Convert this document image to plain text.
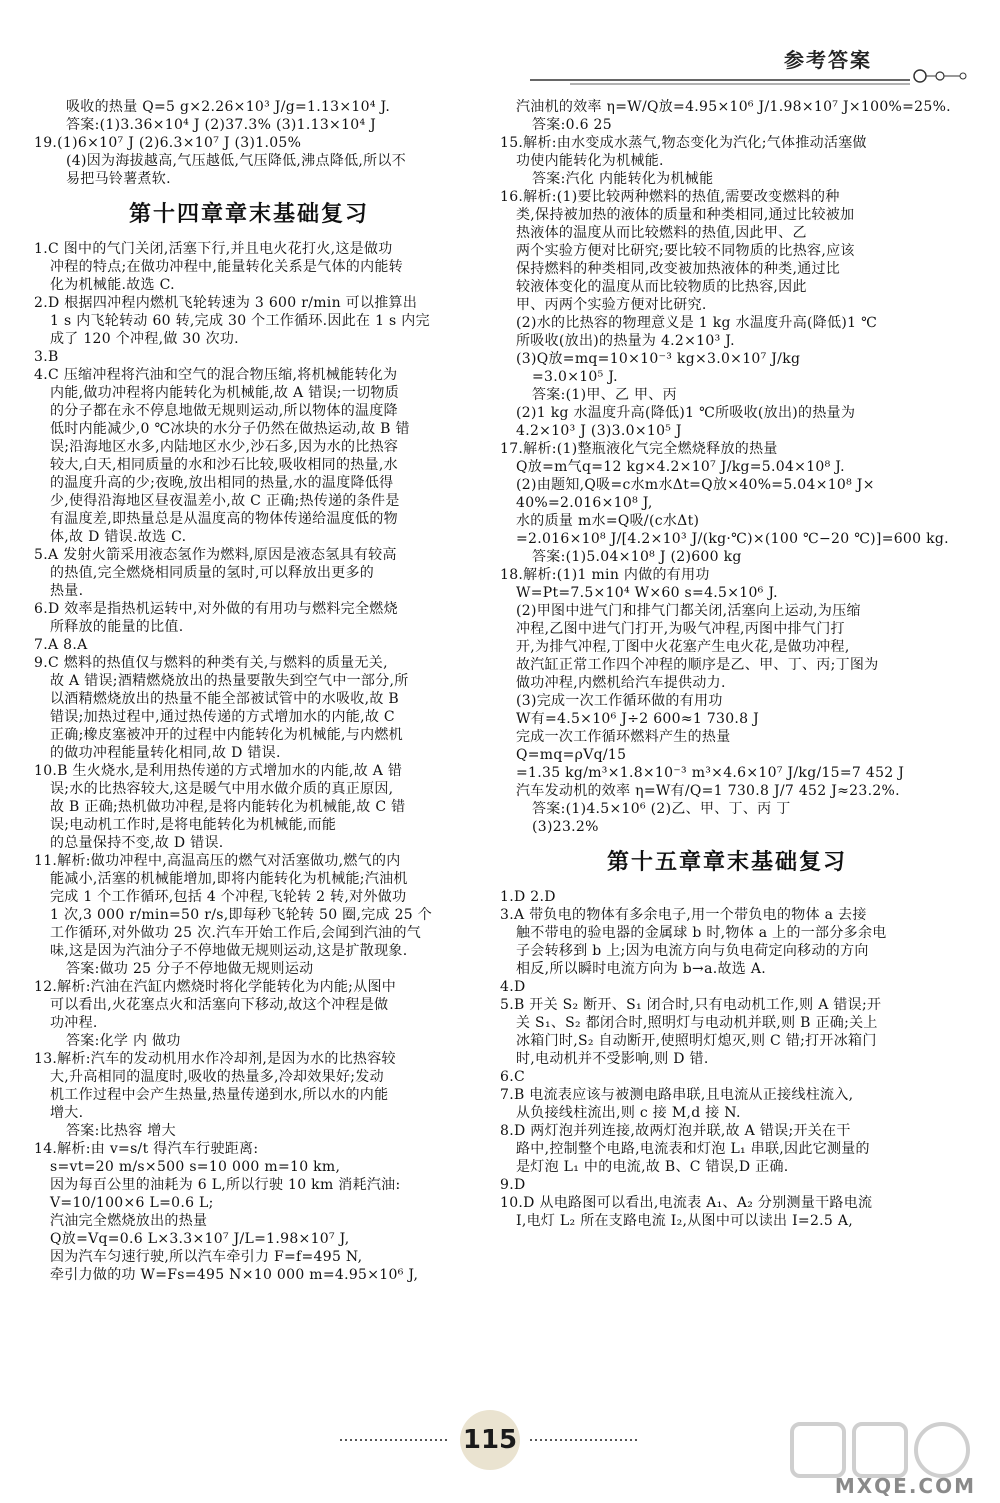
参考答案
吸收的热量 Q=5 g×2.26×10³ J/g=1.13×10⁴ J.
答案:(1)3.36×10⁴ J (2)37.3% (3)1.13×10⁴ J
19.(1)6×10⁷ J (2)6.3×10⁷ J (3)1.05%
(4)因为海拔越高,气压越低,气压降低,沸点降低,所以不
易把马铃薯煮软.
第十四章章末基础复习
1.C 图中的气门关闭,活塞下行,并且电火花打火,这是做功
冲程的特点;在做功冲程中,能量转化关系是气体的内能转
化为机械能.故选 C.
2.D 根据四冲程内燃机飞轮转速为 3 600 r/min 可以推算出
1 s 内飞轮转动 60 转,完成 30 个工作循环.因此在 1 s 内完
成了 120 个冲程,做 30 次功.
3.B
4.C 压缩冲程将汽油和空气的混合物压缩,将机械能转化为
内能,做功冲程将内能转化为机械能,故 A 错误;一切物质
的分子都在永不停息地做无规则运动,所以物体的温度降
低时内能减少,0 ℃冰块的水分子仍然在做热运动,故 B 错
误;沿海地区水多,内陆地区水少,沙石多,因为水的比热容
较大,白天,相同质量的水和沙石比较,吸收相同的热量,水
的温度升高的少;夜晚,放出相同的热量,水的温度降低得
少,使得沿海地区昼夜温差小,故 C 正确;热传递的条件是
有温度差,即热量总是从温度高的物体传递给温度低的物
体,故 D 错误.故选 C.
5.A 发射火箭采用液态氢作为燃料,原因是液态氢具有较高
的热值,完全燃烧相同质量的氢时,可以释放出更多的
热量.
6.D 效率是指热机运转中,对外做的有用功与燃料完全燃烧
所释放的能量的比值.
7.A 8.A
9.C 燃料的热值仅与燃料的种类有关,与燃料的质量无关,
故 A 错误;酒精燃烧放出的热量要散失到空气中一部分,所
以酒精燃烧放出的热量不能全部被试管中的水吸收,故 B
错误;加热过程中,通过热传递的方式增加水的内能,故 C
正确;橡皮塞被冲开的过程中内能转化为机械能,与内燃机
的做功冲程能量转化相同,故 D 错误.
10.B 生火烧水,是利用热传递的方式增加水的内能,故 A 错
误;水的比热容较大,这是暖气中用水做介质的真正原因,
故 B 正确;热机做功冲程,是将内能转化为机械能,故 C 错
误;电动机工作时,是将电能转化为机械能,而能
的总量保持不变,故 D 错误.
11.解析:做功冲程中,高温高压的燃气对活塞做功,燃气的内
能减小,活塞的机械能增加,即将内能转化为机械能;汽油机
完成 1 个工作循环,包括 4 个冲程,飞轮转 2 转,对外做功
1 次,3 000 r/min=50 r/s,即每秒飞轮转 50 圈,完成 25 个
工作循环,对外做功 25 次.汽车开始工作后,会闻到汽油的气
味,这是因为汽油分子不停地做无规则运动,这是扩散现象.
答案:做功 25 分子不停地做无规则运动
12.解析:汽油在汽缸内燃烧时将化学能转化为内能;从图中
可以看出,火花塞点火和活塞向下移动,故这个冲程是做
功冲程.
答案:化学 内 做功
13.解析:汽车的发动机用水作冷却剂,是因为水的比热容较
大,升高相同的温度时,吸收的热量多,冷却效果好;发动
机工作过程中会产生热量,热量传递到水,所以水的内能
增大.
答案:比热容 增大
14.解析:由 v=s/t 得汽车行驶距离:
s=vt=20 m/s×500 s=10 000 m=10 km,
因为每百公里的油耗为 6 L,所以行驶 10 km 消耗汽油:
V=10/100×6 L=0.6 L;
汽油完全燃烧放出的热量
Q放=Vq=0.6 L×3.3×10⁷ J/L=1.98×10⁷ J,
因为汽车匀速行驶,所以汽车牵引力 F=f=495 N,
牵引力做的功 W=Fs=495 N×10 000 m=4.95×10⁶ J,
汽油机的效率 η=W/Q放=4.95×10⁶ J/1.98×10⁷ J×100%=25%.
答案:0.6 25
15.解析:由水变成水蒸气,物态变化为汽化;气体推动活塞做
功使内能转化为机械能.
答案:汽化 内能转化为机械能
16.解析:(1)要比较两种燃料的热值,需要改变燃料的种
类,保持被加热的液体的质量和种类相同,通过比较被加
热液体的温度从而比较燃料的热值,因此甲、乙
两个实验方便对比研究;要比较不同物质的比热容,应该
保持燃料的种类相同,改变被加热液体的种类,通过比
较液体变化的温度从而比较物质的比热容,因此
甲、丙两个实验方便对比研究.
(2)水的比热容的物理意义是 1 kg 水温度升高(降低)1 ℃
所吸收(放出)的热量为 4.2×10³ J.
(3)Q放=mq=10×10⁻³ kg×3.0×10⁷ J/kg
=3.0×10⁵ J.
答案:(1)甲、乙 甲、丙
(2)1 kg 水温度升高(降低)1 ℃所吸收(放出)的热量为
4.2×10³ J (3)3.0×10⁵ J
17.解析:(1)整瓶液化气完全燃烧释放的热量
Q放=m气q=12 kg×4.2×10⁷ J/kg=5.04×10⁸ J.
(2)由题知,Q吸=c水m水Δt=Q放×40%=5.04×10⁸ J×
40%=2.016×10⁸ J,
水的质量 m水=Q吸/(c水Δt)
=2.016×10⁸ J/[4.2×10³ J/(kg·℃)×(100 ℃−20 ℃)]=600 kg.
答案:(1)5.04×10⁸ J (2)600 kg
18.解析:(1)1 min 内做的有用功
W=Pt=7.5×10⁴ W×60 s=4.5×10⁶ J.
(2)甲图中进气门和排气门都关闭,活塞向上运动,为压缩
冲程,乙图中进气门打开,为吸气冲程,丙图中排气门打
开,为排气冲程,丁图中火花塞产生电火花,是做功冲程,
故汽缸正常工作四个冲程的顺序是乙、甲、丁、丙;丁图为
做功冲程,内燃机给汽车提供动力.
(3)完成一次工作循环做的有用功
W有=4.5×10⁶ J÷2 600≈1 730.8 J
完成一次工作循环燃料产生的热量
Q=mq=ρVq/15
=1.35 kg/m³×1.8×10⁻³ m³×4.6×10⁷ J/kg/15=7 452 J
汽车发动机的效率 η=W有/Q=1 730.8 J/7 452 J≈23.2%.
答案:(1)4.5×10⁶ (2)乙、甲、丁、丙 丁
(3)23.2%
第十五章章末基础复习
1.D 2.D
3.A 带负电的物体有多余电子,用一个带负电的物体 a 去接
触不带电的验电器的金属球 b 时,物体 a 上的一部分多余电
子会转移到 b 上;因为电流方向与负电荷定向移动的方向
相反,所以瞬时电流方向为 b→a.故选 A.
4.D
5.B 开关 S₂ 断开、S₁ 闭合时,只有电动机工作,则 A 错误;开
关 S₁、S₂ 都闭合时,照明灯与电动机并联,则 B 正确;关上
冰箱门时,S₂ 自动断开,使照明灯熄灭,则 C 错;打开冰箱门
时,电动机并不受影响,则 D 错.
6.C
7.B 电流表应该与被测电路串联,且电流从正接线柱流入,
从负接线柱流出,则 c 接 M,d 接 N.
8.D 两灯泡并列连接,故两灯泡并联,故 A 错误;开关在干
路中,控制整个电路,电流表和灯泡 L₁ 串联,因此它测量的
是灯泡 L₁ 中的电流,故 B、C 错误,D 正确.
9.D
10.D 从电路图可以看出,电流表 A₁、A₂ 分别测量干路电流
I,电灯 L₂ 所在支路电流 I₂,从图中可以读出 I=2.5 A,
115
MXQE.COM
